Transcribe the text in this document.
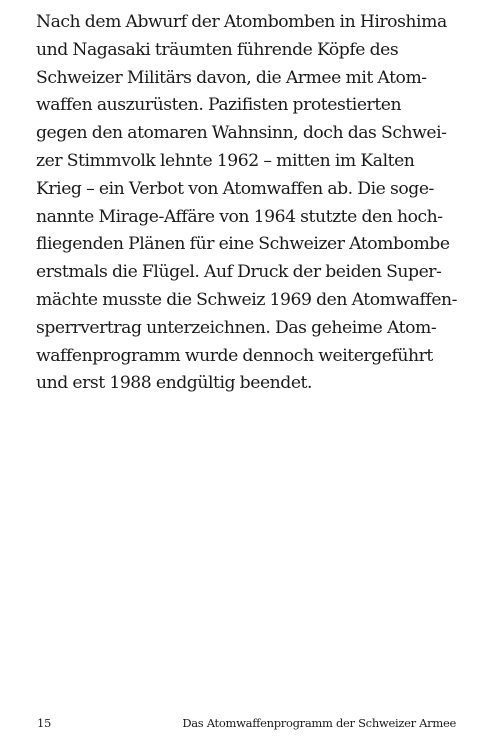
Nach dem Abwurf der Atombomben in Hiroshima
und Nagasaki träumten führende Köpfe des
Schweizer Militärs davon, die Armee mit Atom-
waffen auszurüsten. Pazifisten protestierten
gegen den atomaren Wahnsinn, doch das Schwei-
zer Stimmvolk lehnte 1962 – mitten im Kalten
Krieg – ein Verbot von Atomwaffen ab. Die soge-
nannte Mirage-Affäre von 1964 stutzte den hoch-
fliegenden Plänen für eine Schweizer Atombombe
erstmals die Flügel. Auf Druck der beiden Super-
mächte musste die Schweiz 1969 den Atomwaffen-
sperrvertrag unterzeichnen. Das geheime Atom-
waffenprogramm wurde dennoch weitergeführt
und erst 1988 endgültig beendet.
15	Das Atomwaffenprogramm der Schweizer Armee
